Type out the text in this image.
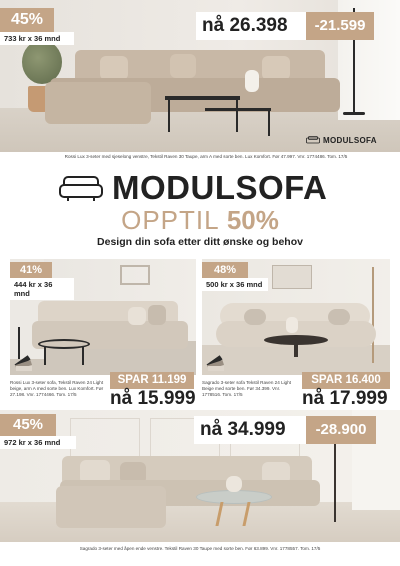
45%
733 kr x 36 mnd
nå 26.398	-21.599
MODULSOFA
Rossi Lux 3-seter med sjeselong venstre, Tekstil Raven 30 Taupe, arm A med sorte ben. Lux Komfort. Før 47.997. Vnr. 1774486. Tom. 17/5
MODULSOFA
OPPTIL 50%
Design din sofa etter ditt ønske og behov
41%
444 kr x 36 mnd
Rossi Lux 3-seter sofa, Tekstil Raven 24 Light beige, arm A med sorte ben. Lux Komfort. Før 27.198. Vnr. 1774466. Tom. 17/5
SPAR 11.199
nå 15.999
48%
500 kr x 36 mnd
Sagrado 3-seter sofa Tekstil Raven 24 Light Beige med sorte ben. Før 34.399. Vnr. 1778516. Tom. 17/5
SPAR 16.400
nå 17.999
45%
972 kr x 36 mnd
nå 34.999	-28.900
Sagrado 3-seter med åpen ende venstre. Tekstil Raven 30 Taupe med sorte ben. Før 63.899. Vnr. 1778557. Tom. 17/5
